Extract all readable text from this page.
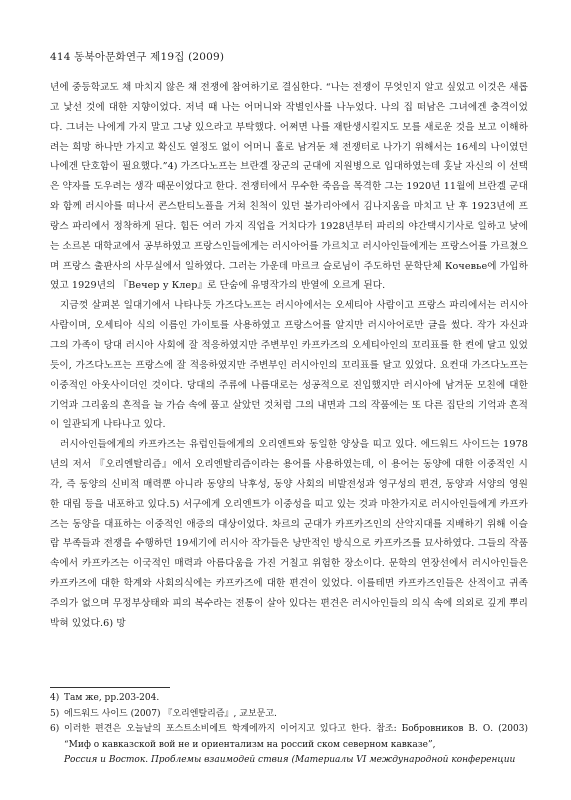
414 동북아문화연구 제19집 (2009)

년에 중등학교도 채 마치지 않은 채 전쟁에 참여하기로 결심한다. “나는 전쟁이 무엇인지 알고 싶었고 이것은 새롭고 낯선 것에 대한 지향이었다. 저녁 때 나는 어머니와 작별인사를 나누었다. 나의 집 떠남은 그녀에겐 충격이었다. 그녀는 나에게 가지 말고 그냥 있으라고 부탁했다. 어쩌면 나를 재탄생시킬지도 모를 새로운 것을 보고 이해하려는 희망 하나만 가지고 확신도 열정도 없이 어머니 홀로 남겨둔 채 전쟁터로 나가기 위해서는 16세의 나이였던 나에겐 단호함이 필요했다.”4) 가즈다노프는 브란겔 장군의 군대에 지원병으로 입대하였는데 홋날 자신의 이 선택은 약자를 도우려는 생각 때문이었다고 한다. 전쟁터에서 무수한 죽음을 목격한 그는 1920년 11월에 브란겔 군대와 함께 러시아를 떠나서 콘스탄티노플을 거쳐 친척이 있던 불가리아에서 김나지움을 마치고 난 후 1923년에 프랑스 파리에서 정착하게 된다. 힘든 여러 가지 직업을 거치다가 1928년부터 파리의 야간택시기사로 일하고 낮에는 소르본 대학교에서 공부하였고 프랑스인들에게는 러시아어를 가르치고 러시아인들에게는 프랑스어를 가르쳤으며 프랑스 출판사의 사무실에서 일하였다. 그러는 가운데 마르크 슬로님이 주도하던 문학단체 Кочевье에 가입하였고 1929년의 『Вечер у Клер』로 단숨에 유명작가의 반열에 오르게 된다.

지금껏 살펴본 일대기에서 나타나듯 가즈다노프는 러시아에서는 오세티아 사람이고 프랑스 파리에서는 러시아 사람이며, 오세티아 식의 이름인 가이토를 사용하였고 프랑스어를 알지만 러시아어로만 글을 썼다. 작가 자신과 그의 가족이 당대 러시아 사회에 잘 적응하였지만 주변부인 카프카즈의 오세티아인의 꼬리표를 한 켠에 달고 있었듯이, 가즈다노프는 프랑스에 잘 적응하였지만 주변부인 러시아인의 꼬리표를 달고 있었다. 요컨대 가즈다노프는 이중적인 아웃사이더인 것이다. 당대의 주류에 나름대로는 성공적으로 진입했지만 러시아에 남겨둔 모친에 대한 기억과 그리움의 흔적을 늘 가슴 속에 품고 살았던 것처럼 그의 내면과 그의 작품에는 또 다른 집단의 기억과 흔적이 일관되게 나타나고 있다.

러시아인들에게의 카프카즈는 유럽인들에게의 오리엔트와 동일한 양상을 띠고 있다. 에드워드 사이드는 1978년의 저서 『오리엔탈리즘』에서 오리엔탈리즘이라는 용어를 사용하였는데, 이 용어는 동양에 대한 이중적인 시각, 즉 동양의 신비적 매력뿐 아니라 동양의 낙후성, 동양 사회의 비발전성과 영구성의 편견, 동양과 서양의 영원한 대립 등을 내포하고 있다.5) 서구에게 오리엔트가 이중성을 띠고 있는 것과 마찬가지로 러시아인들에게 카프카즈는 동양을 대표하는 이중적인 애증의 대상이었다. 차르의 군대가 카프카즈인의 산악지대를 지배하기 위해 이슬람 부족들과 전쟁을 수행하던 19세기에 러시아 작가들은 낭만적인 방식으로 카프카즈를 묘사하였다. 그들의 작품 속에서 카프카즈는 이국적인 매력과 아름다움을 가진 거칠고 위험한 장소이다. 문학의 연장선에서 러시아인들은 카프카즈에 대한 학계와 사회의식에는 카프카즈에 대한 편견이 있었다. 이를테면 카프카즈인들은 산적이고 귀족주의가 없으며 무정부상태와 피의 복수라는 전통이 살아 있다는 편견은 러시아인들의 의식 속에 의외로 깊게 뿌리박혀 있었다.6) 망

4) Там же, pp.203-204.
5) 에드워드 사이드 (2007) 『오리엔탈리즘』, 교보문고.
6) 이러한 편견은 오늘날의 포스트소비에트 학계에까지 이어지고 있다고 한다. 참조: Бобровников В. О. (2003) “Миф о кавказской вой не и ориентализм на россий ском северном кавказе”,
Россия и Восток. Проблемы взаимодей ствия (Материалы VI международной конференции
